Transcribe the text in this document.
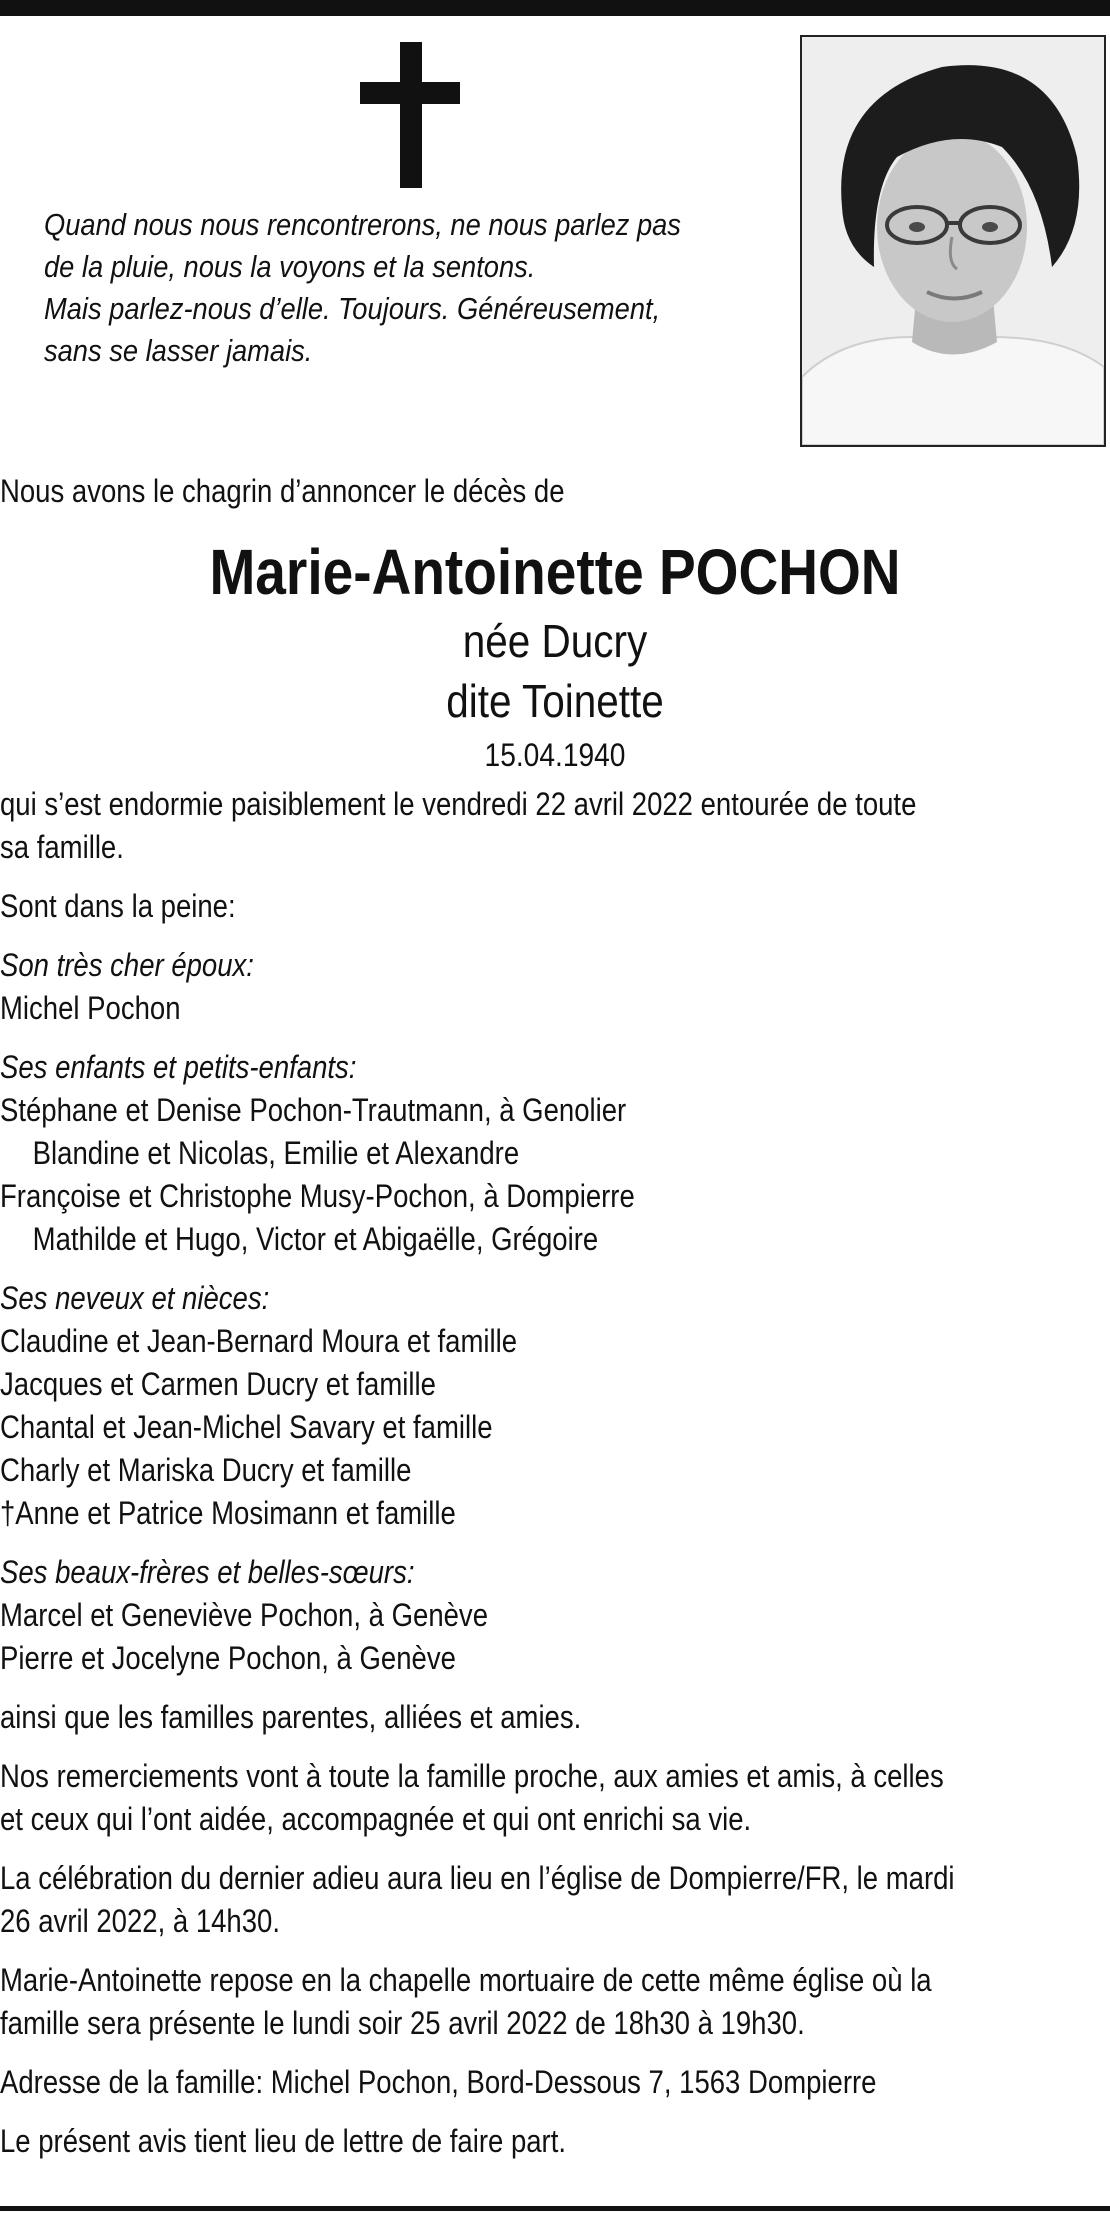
Quand nous nous rencontrerons, ne nous parlez pas
de la pluie, nous la voyons et la sentons.
Mais parlez-nous d’elle. Toujours. Généreusement,
sans se lasser jamais.
Nous avons le chagrin d’annoncer le décès de
Marie-Antoinette POCHON
née Ducry
dite Toinette
15.04.1940
qui s’est endormie paisiblement le vendredi 22 avril 2022 entourée de toute
sa famille.
Sont dans la peine:
Son très cher époux:
Michel Pochon
Ses enfants et petits-enfants:
Stéphane et Denise Pochon-Trautmann, à Genolier
Blandine et Nicolas, Emilie et Alexandre
Françoise et Christophe Musy-Pochon, à Dompierre
Mathilde et Hugo, Victor et Abigaëlle, Grégoire
Ses neveux et nièces:
Claudine et Jean-Bernard Moura et famille
Jacques et Carmen Ducry et famille
Chantal et Jean-Michel Savary et famille
Charly et Mariska Ducry et famille
†Anne et Patrice Mosimann et famille
Ses beaux-frères et belles-sœurs:
Marcel et Geneviève Pochon, à Genève
Pierre et Jocelyne Pochon, à Genève
ainsi que les familles parentes, alliées et amies.
Nos remerciements vont à toute la famille proche, aux amies et amis, à celles
et ceux qui l’ont aidée, accompagnée et qui ont enrichi sa vie.
La célébration du dernier adieu aura lieu en l’église de Dompierre/FR, le mardi
26 avril 2022, à 14h30.
Marie-Antoinette repose en la chapelle mortuaire de cette même église où la
famille sera présente le lundi soir 25 avril 2022 de 18h30 à 19h30.
Adresse de la famille: Michel Pochon, Bord-Dessous 7, 1563 Dompierre
Le présent avis tient lieu de lettre de faire part.
